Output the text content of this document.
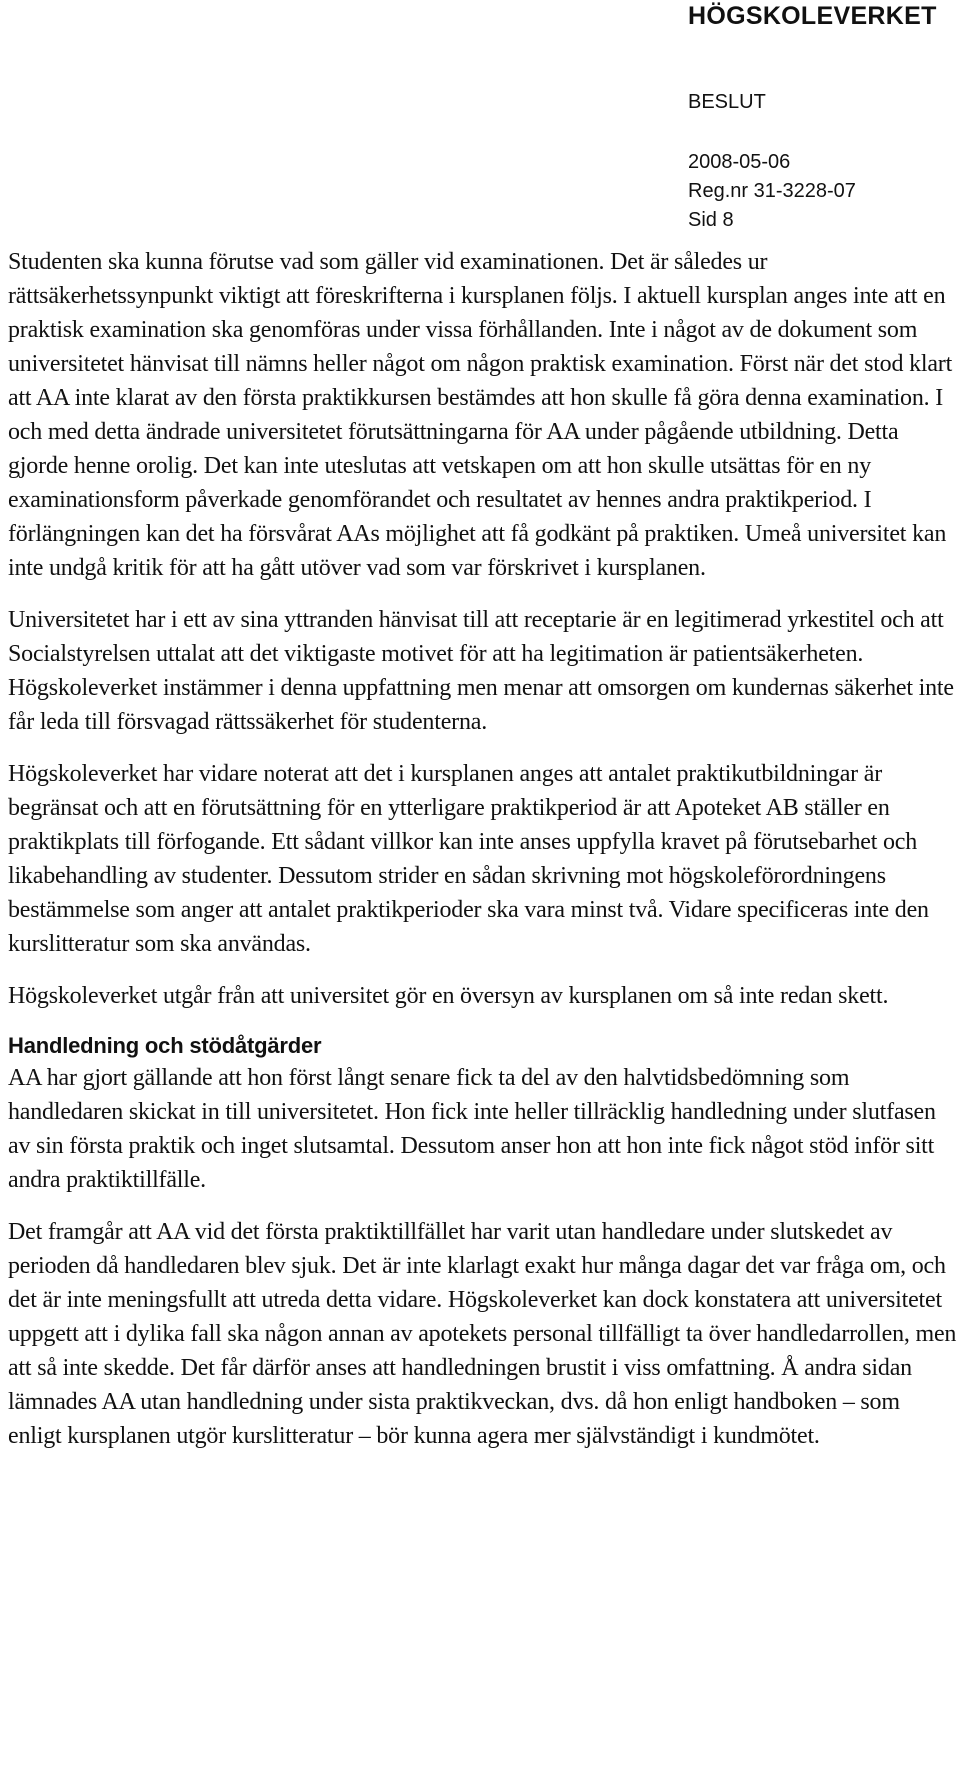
HÖGSKOLEVERKET
BESLUT
2008-05-06
Reg.nr 31-3228-07
Sid 8

Studenten ska kunna förutse vad som gäller vid examinationen. Det är således ur rättsäkerhetssynpunkt viktigt att föreskrifterna i kursplanen följs. I aktuell kursplan anges inte att en praktisk examination ska genomföras under vissa förhållanden. Inte i något av de dokument som universitetet hänvisat till nämns heller något om någon praktisk examination. Först när det stod klart att AA inte klarat av den första praktikkursen bestämdes att hon skulle få göra denna examination. I och med detta ändrade universitetet förutsättningarna för AA under pågående utbildning. Detta gjorde henne orolig. Det kan inte uteslutas att vetskapen om att hon skulle utsättas för en ny examinationsform påverkade genomförandet och resultatet av hennes andra praktikperiod. I förlängningen kan det ha försvårat AAs möjlighet att få godkänt på praktiken. Umeå universitet kan inte undgå kritik för att ha gått utöver vad som var förskrivet i kursplanen.

Universitetet har i ett av sina yttranden hänvisat till att receptarie är en legitimerad yrkestitel och att Socialstyrelsen uttalat att det viktigaste motivet för att ha legitimation är patientsäkerheten. Högskoleverket instämmer i denna uppfattning men menar att omsorgen om kundernas säkerhet inte får leda till försvagad rättssäkerhet för studenterna.

Högskoleverket har vidare noterat att det i kursplanen anges att antalet praktikutbildningar är begränsat och att en förutsättning för en ytterligare praktikperiod är att Apoteket AB ställer en praktikplats till förfogande. Ett sådant villkor kan inte anses uppfylla kravet på förutsebarhet och likabehandling av studenter. Dessutom strider en sådan skrivning mot högskoleförordningens bestämmelse som anger att antalet praktikperioder ska vara minst två. Vidare specificeras inte den kurslitteratur som ska användas.

Högskoleverket utgår från att universitet gör en översyn av kursplanen om så inte redan skett.

Handledning och stödåtgärder

AA har gjort gällande att hon först långt senare fick ta del av den halvtidsbedömning som handledaren skickat in till universitetet. Hon fick inte heller tillräcklig handledning under slutfasen av sin första praktik och inget slutsamtal. Dessutom anser hon att hon inte fick något stöd inför sitt andra praktiktillfälle.

Det framgår att AA vid det första praktiktillfället har varit utan handledare under slutskedet av perioden då handledaren blev sjuk. Det är inte klarlagt exakt hur många dagar det var fråga om, och det är inte meningsfullt att utreda detta vidare. Högskoleverket kan dock konstatera att universitetet uppgett att i dylika fall ska någon annan av apotekets personal tillfälligt ta över handledarrollen, men att så inte skedde. Det får därför anses att handledningen brustit i viss omfattning. Å andra sidan lämnades AA utan handledning under sista praktikveckan, dvs. då hon enligt handboken – som enligt kursplanen utgör kurslitteratur – bör kunna agera mer självständigt i kundmötet.
